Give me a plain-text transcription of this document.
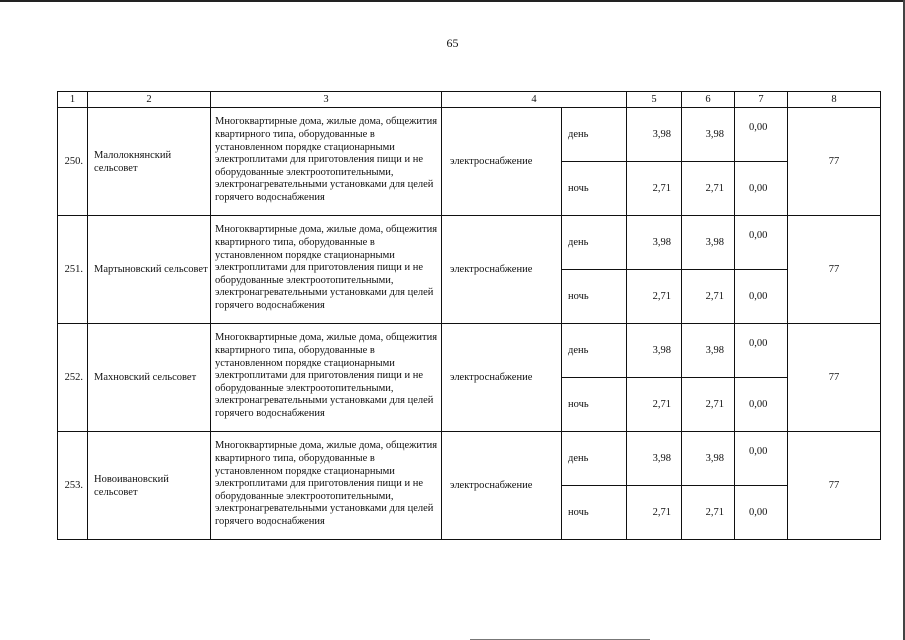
65
1	2	3	4		5	6	7	8
250.	Малолокнянский сельсовет	Многоквартирные дома, жилые дома, общежития квартирного типа, оборудованные в установленном порядке стационарными электроплитами для приготовления пищи и не оборудованные электроотопительными, электронагревательными установками для целей горячего водоснабжения	электроснабжение	день	3,98	3,98	0,00	77
				ночь	2,71	2,71	0,00	
251.	Мартыновский сельсовет	Многоквартирные дома, жилые дома, общежития квартирного типа, оборудованные в установленном порядке стационарными электроплитами для приготовления пищи и не оборудованные электроотопительными, электронагревательными установками для целей горячего водоснабжения	электроснабжение	день	3,98	3,98	0,00	77
				ночь	2,71	2,71	0,00	
252.	Махновский сельсовет	Многоквартирные дома, жилые дома, общежития квартирного типа, оборудованные в установленном порядке стационарными электроплитами для приготовления пищи и не оборудованные электроотопительными, электронагревательными установками для целей горячего водоснабжения	электроснабжение	день	3,98	3,98	0,00	77
				ночь	2,71	2,71	0,00	
253.	Новоивановский сельсовет	Многоквартирные дома, жилые дома, общежития квартирного типа, оборудованные в установленном порядке стационарными электроплитами для приготовления пищи и не оборудованные электроотопительными, электронагревательными установками для целей горячего водоснабжения	электроснабжение	день	3,98	3,98	0,00	77
				ночь	2,71	2,71	0,00	
